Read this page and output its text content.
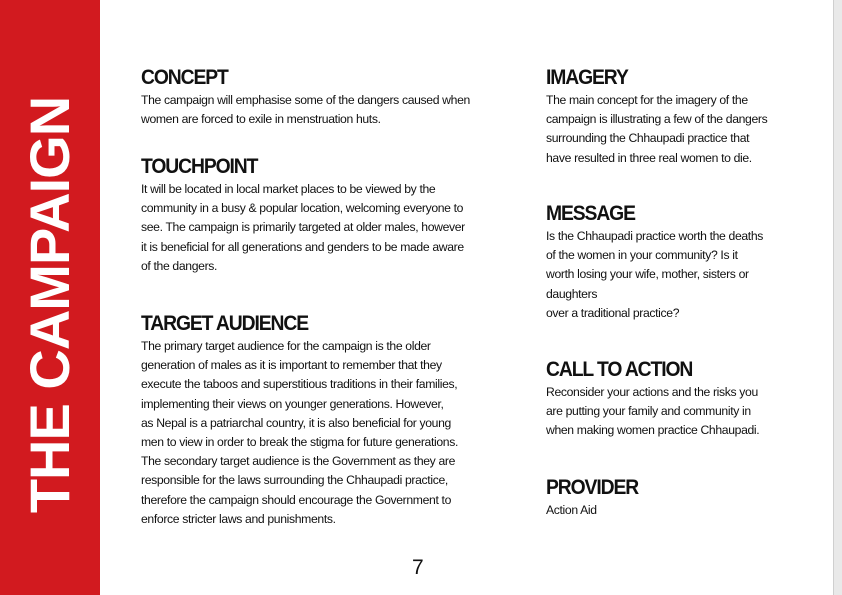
THE CAMPAIGN
CONCEPT

The campaign will emphasise some of the dangers caused when
women are forced to exile in menstruation huts.

TOUCHPOINT

It will be located in local market places to be viewed by the
community in a busy & popular location, welcoming everyone to
see. The campaign is primarily targeted at older males, however
it is beneficial for all generations and genders to be made aware
of the dangers.

TARGET AUDIENCE

The primary target audience for the campaign is the older
generation of males as it is important to remember that they
execute the taboos and superstitious traditions in their families,
implementing their views on younger generations. However,
as Nepal is a patriarchal country, it is also beneficial for young
men to view in order to break the stigma for future generations.
The secondary target audience is the Government as they are
responsible for the laws surrounding the Chhaupadi practice,
therefore the campaign should encourage the Government to
enforce stricter laws and punishments.

IMAGERY

The main concept for the imagery of the
campaign is illustrating a few of the dangers
surrounding the Chhaupadi practice that
have resulted in three real women to die.

MESSAGE

Is the Chhaupadi practice worth the deaths
of the women in your community? Is it
worth losing your wife, mother, sisters or
daughters
over a traditional practice?

CALL TO ACTION

Reconsider your actions and the risks you
are putting your family and community in
when making women practice Chhaupadi.

PROVIDER

Action Aid

7
